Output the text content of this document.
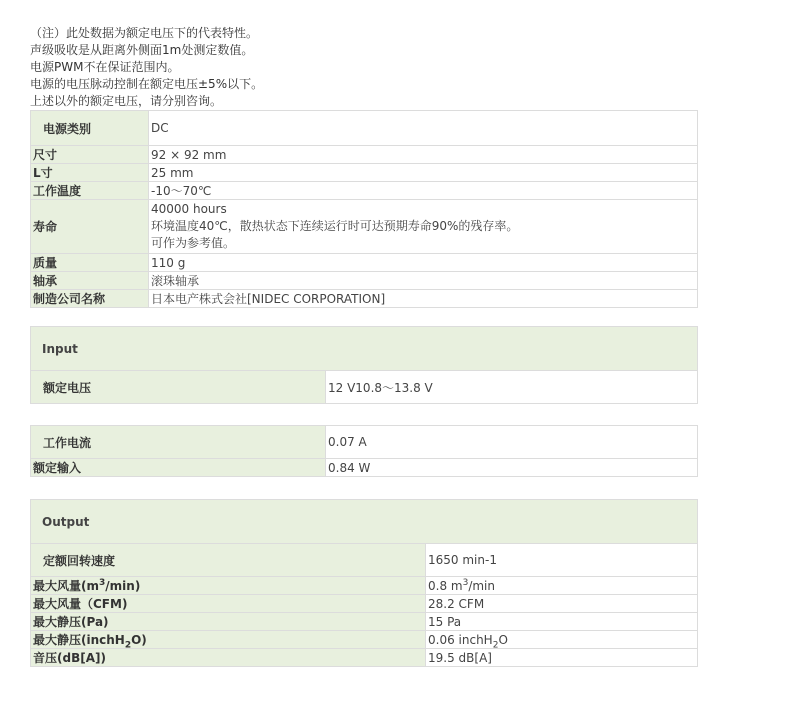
（注）此处数据为额定电压下的代表特性。
声级吸收是从距离外侧面1m处测定数值。
电源PWM不在保证范围内。
电源的电压脉动控制在额定电压±5%以下。
上述以外的额定电压，请分别咨询。
电源类别	DC
尺寸	92 × 92 mm
L寸	25 mm
工作温度	-10～70℃
寿命	40000 hours
环境温度40℃，散热状态下连续运行时可达预期寿命90%的残存率。
可作为参考值。

质量	110 g
轴承	滚珠轴承
制造公司名称	日本电产株式会社[NIDEC CORPORATION]
Input
额定电压	12 V10.8～13.8 V
工作电流	0.07 A
额定输入	0.84 W
Output	
定额回转速度	1650 min-1
最大风量$(m^3/\min)$	0.8 $m^3/\min$
最大风量（CFM)	28.2 CFM
最大静压(Pa)	15 Pa
最大静压(inchH$_2$O)	0.06 inchH$_2$O
音压(dB[A])	19.5 dB[A]
